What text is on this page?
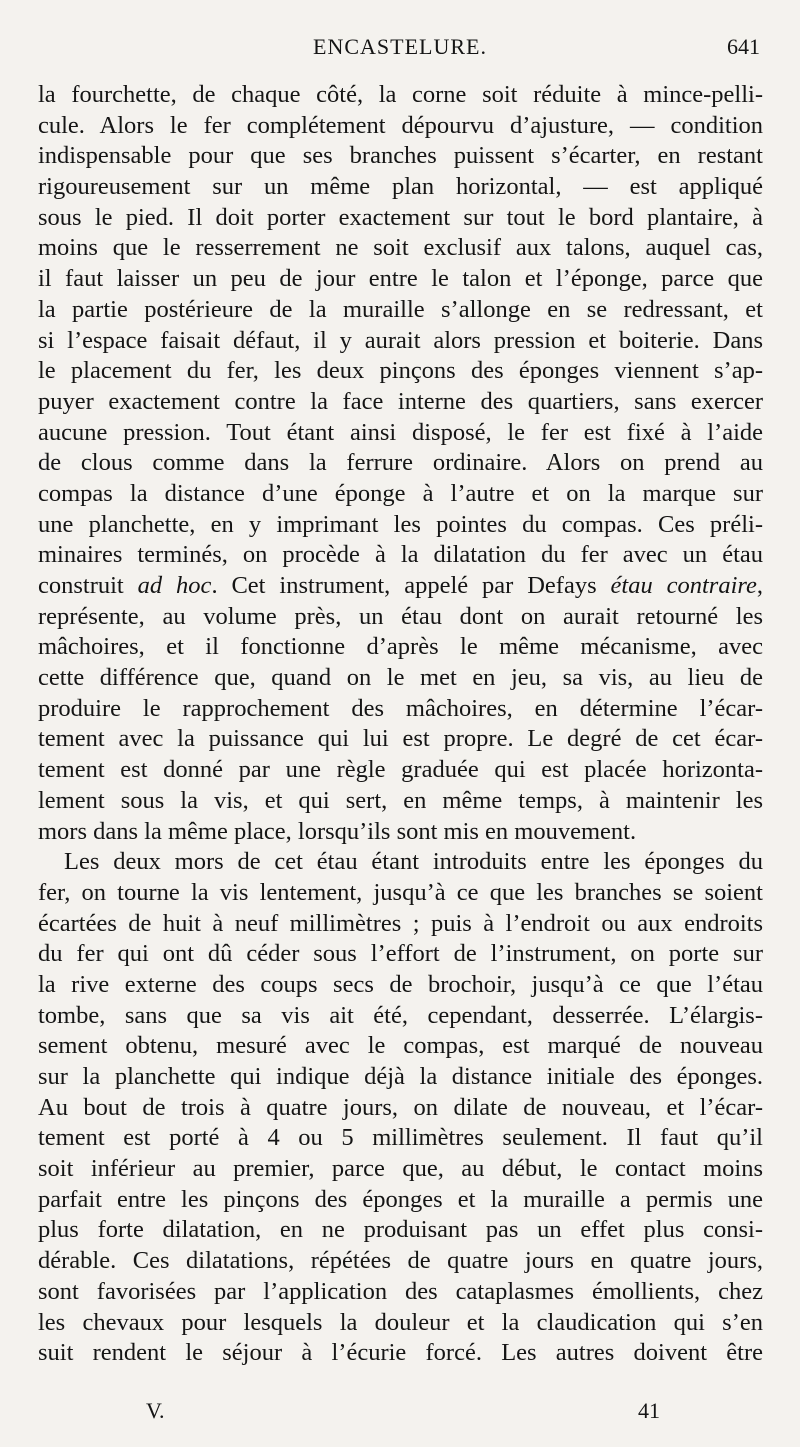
ENCASTELURE.	641
la fourchette, de chaque côté, la corne soit réduite à mince-pelli-
cule. Alors le fer complétement dépourvu d’ajusture, — condition
indispensable pour que ses branches puissent s’écarter, en restant
rigoureusement sur un même plan horizontal, — est appliqué
sous le pied. Il doit porter exactement sur tout le bord plantaire, à
moins que le resserrement ne soit exclusif aux talons, auquel cas,
il faut laisser un peu de jour entre le talon et l’éponge, parce que
la partie postérieure de la muraille s’allonge en se redressant, et
si l’espace faisait défaut, il y aurait alors pression et boiterie. Dans
le placement du fer, les deux pinçons des éponges viennent s’ap-
puyer exactement contre la face interne des quartiers, sans exercer
aucune pression. Tout étant ainsi disposé, le fer est fixé à l’aide
de clous comme dans la ferrure ordinaire. Alors on prend au
compas la distance d’une éponge à l’autre et on la marque sur
une planchette, en y imprimant les pointes du compas. Ces préli-
minaires terminés, on procède à la dilatation du fer avec un étau
construit ad hoc. Cet instrument, appelé par Defays étau contraire,
représente, au volume près, un étau dont on aurait retourné les
mâchoires, et il fonctionne d’après le même mécanisme, avec
cette différence que, quand on le met en jeu, sa vis, au lieu de
produire le rapprochement des mâchoires, en détermine l’écar-
tement avec la puissance qui lui est propre. Le degré de cet écar-
tement est donné par une règle graduée qui est placée horizonta-
lement sous la vis, et qui sert, en même temps, à maintenir les
mors dans la même place, lorsqu’ils sont mis en mouvement.
Les deux mors de cet étau étant introduits entre les éponges du
fer, on tourne la vis lentement, jusqu’à ce que les branches se soient
écartées de huit à neuf millimètres ; puis à l’endroit ou aux endroits
du fer qui ont dû céder sous l’effort de l’instrument, on porte sur
la rive externe des coups secs de brochoir, jusqu’à ce que l’étau
tombe, sans que sa vis ait été, cependant, desserrée. L’élargis-
sement obtenu, mesuré avec le compas, est marqué de nouveau
sur la planchette qui indique déjà la distance initiale des éponges.
Au bout de trois à quatre jours, on dilate de nouveau, et l’écar-
tement est porté à 4 ou 5 millimètres seulement. Il faut qu’il
soit inférieur au premier, parce que, au début, le contact moins
parfait entre les pinçons des éponges et la muraille a permis une
plus forte dilatation, en ne produisant pas un effet plus consi-
dérable. Ces dilatations, répétées de quatre jours en quatre jours,
sont favorisées par l’application des cataplasmes émollients, chez
les chevaux pour lesquels la douleur et la claudication qui s’en
suit rendent le séjour à l’écurie forcé. Les autres doivent être
V.	41
